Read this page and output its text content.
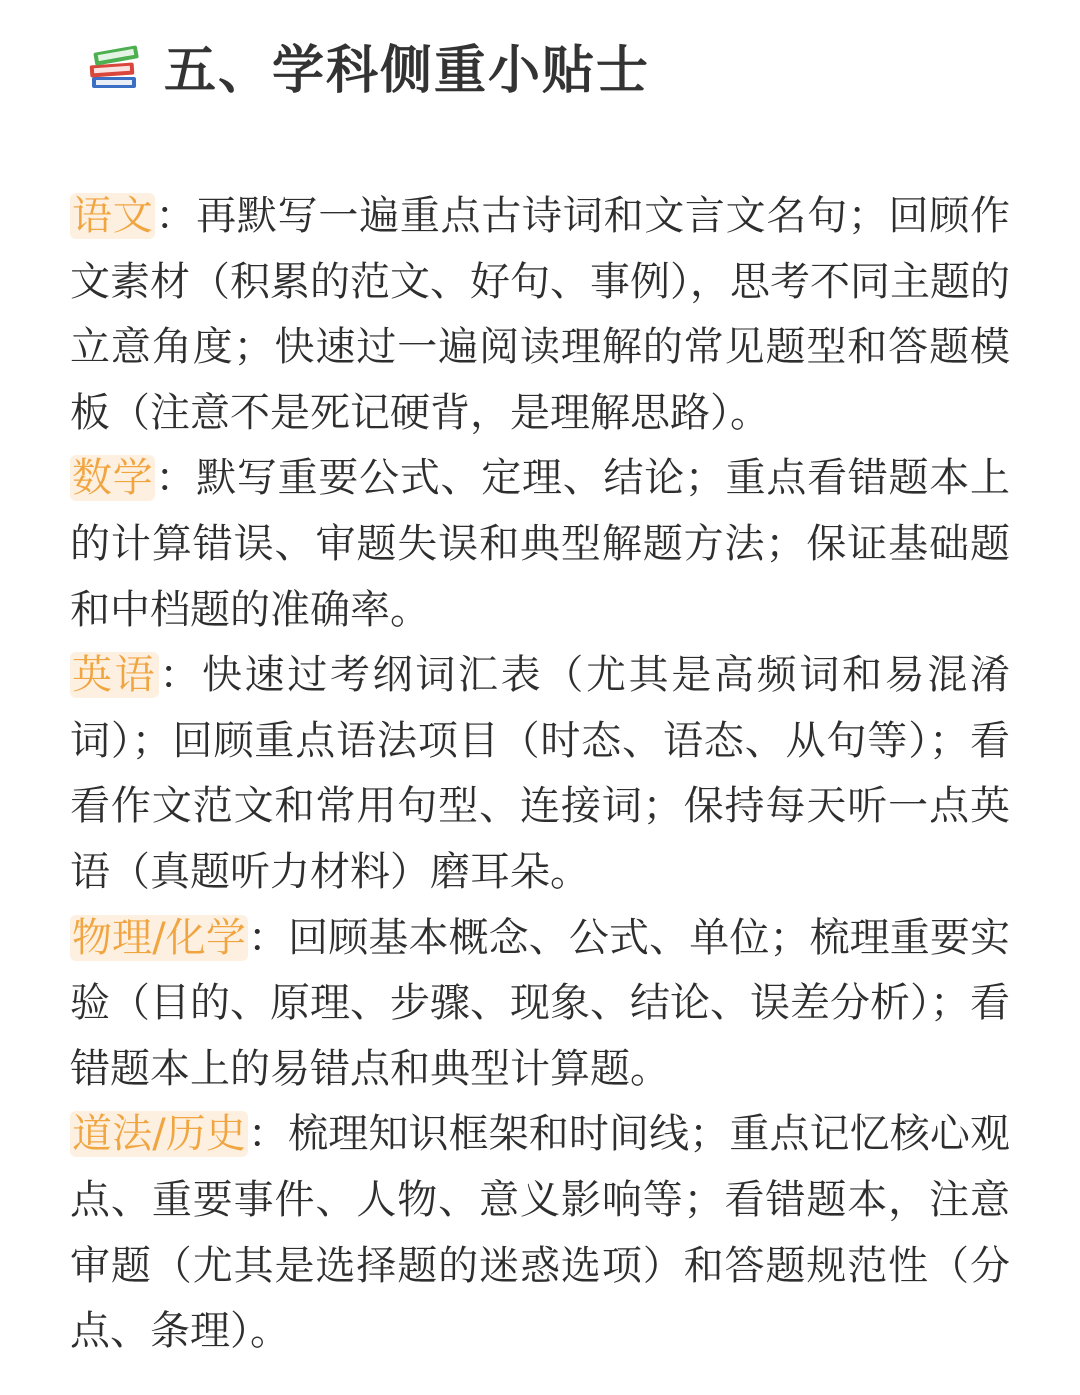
五、学科侧重小贴士
语文：再默写一遍重点古诗词和文言文名句；回顾作文素材（积累的范文、好句、事例），思考不同主题的立意角度；快速过一遍阅读理解的常见题型和答题模板（注意不是死记硬背，是理解思路）。
数学：默写重要公式、定理、结论；重点看错题本上的计算错误、审题失误和典型解题方法；保证基础题和中档题的准确率。
英语：快速过考纲词汇表（尤其是高频词和易混淆词）；回顾重点语法项目（时态、语态、从句等）；看看作文范文和常用句型、连接词；保持每天听一点英语（真题听力材料）磨耳朵。
物理/化学：回顾基本概念、公式、单位；梳理重要实验（目的、原理、步骤、现象、结论、误差分析）；看错题本上的易错点和典型计算题。
道法/历史：梳理知识框架和时间线；重点记忆核心观点、重要事件、人物、意义影响等；看错题本，注意审题（尤其是选择题的迷惑选项）和答题规范性（分点、条理）。
